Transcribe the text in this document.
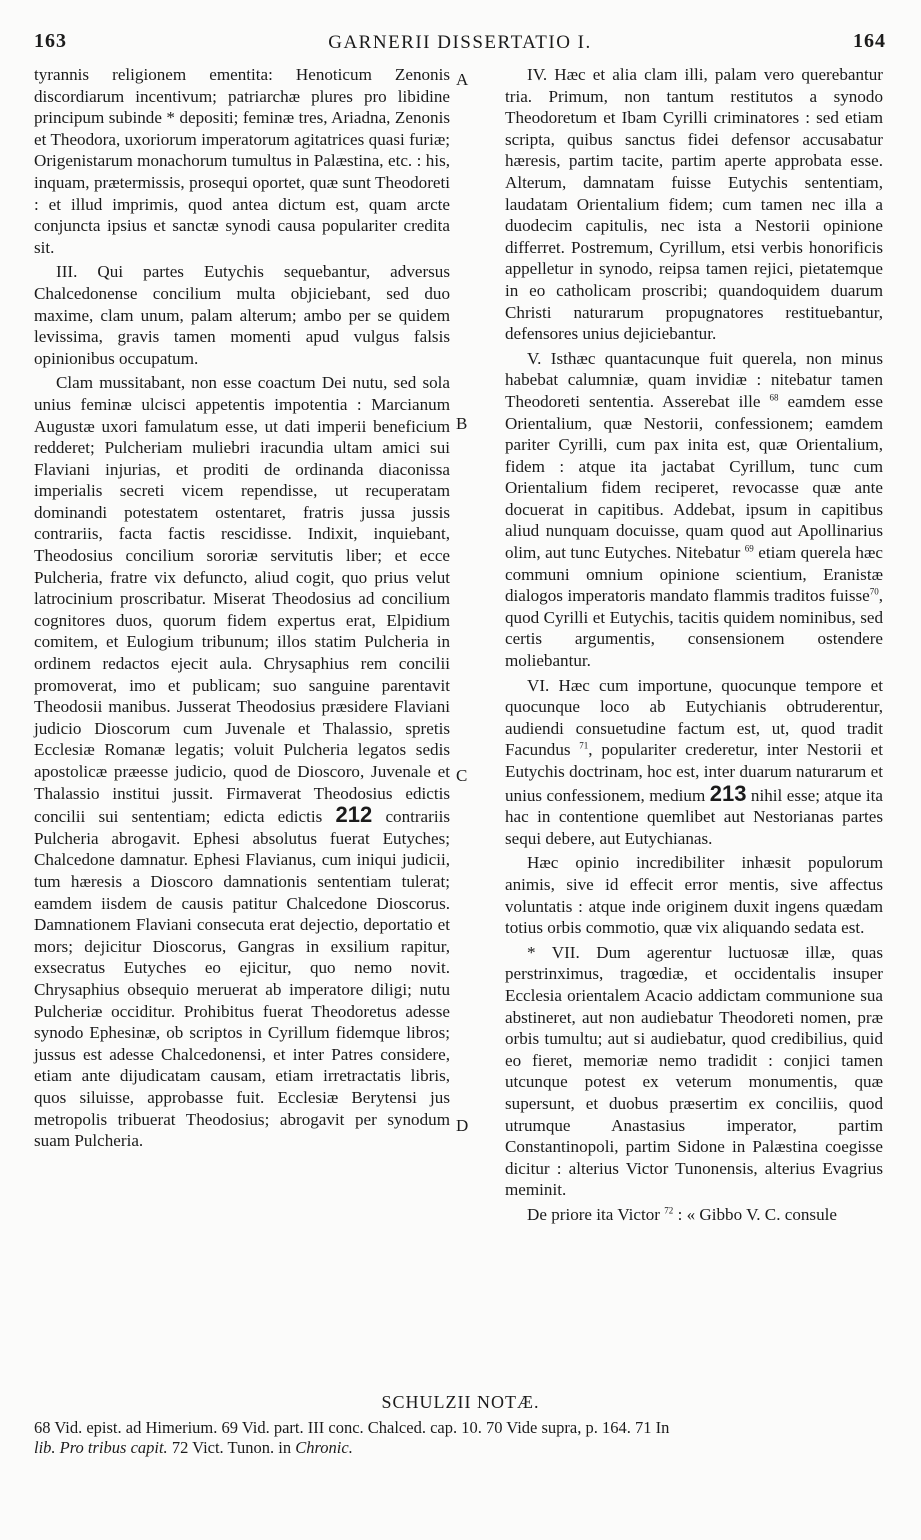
163	GARNERII DISSERTATIO I.	164

tyrannis religionem ementita: Henoticum Zenonis discordiarum incentivum; patriarchæ plures pro libidine principum subinde * depositi; feminæ tres, Ariadna, Zenonis et Theodora, uxoriorum imperatorum agitatrices quasi furiæ; Origenistarum monachorum tumultus in Palæstina, etc. : his, inquam, prætermissis, prosequi oportet, quæ sunt Theodoreti : et illud imprimis, quod antea dictum est, quam arcte conjuncta ipsius et sanctæ synodi causa populariter credita sit.

III. Qui partes Eutychis sequebantur, adversus Chalcedonense concilium multa objiciebant, sed duo maxime, clam unum, palam alterum; ambo per se quidem levissima, gravis tamen momenti apud vulgus falsis opinionibus occupatum.

Clam mussitabant, non esse coactum Dei nutu, sed sola unius feminæ ulcisci appetentis impotentia : Marcianum Augustæ uxori famulatum esse, ut dati imperii beneficium redderet; Pulcheriam muliebri iracundia ultam amici sui Flaviani injurias, et proditi de ordinanda diaconissa imperialis secreti vicem rependisse, ut recuperatam dominandi potestatem ostentaret, fratris jussa jussis contrariis, facta factis rescidisse. Indixit, inquiebant, Theodosius concilium sororiæ servitutis liber; et ecce Pulcheria, fratre vix defuncto, aliud cogit, quo prius velut latrocinium proscribatur. Miserat Theodosius ad concilium cognitores duos, quorum fidem expertus erat, Elpidium comitem, et Eulogium tribunum; illos statim Pulcheria in ordinem redactos ejecit aula. Chrysaphius rem concilii promoverat, imo et publicam; suo sanguine parentavit Theodosii manibus. Jusserat Theodosius præsidere Flaviani judicio Dioscorum cum Juvenale et Thalassio, spretis Ecclesiæ Romanæ legatis; voluit Pulcheria legatos sedis apostolicæ præesse judicio, quod de Dioscoro, Juvenale et Thalassio institui jussit. Firmaverat Theodosius edictis concilii sui sententiam; edicta edictis 212 contrariis Pulcheria abrogavit. Ephesi absolutus fuerat Eutyches; Chalcedone damnatur. Ephesi Flavianus, cum iniqui judicii, tum hæresis a Dioscoro damnationis sententiam tulerat; eamdem iisdem de causis patitur Chalcedone Dioscorus. Damnationem Flaviani consecuta erat dejectio, deportatio et mors; dejicitur Dioscorus, Gangras in exsilium rapitur, exsecratus Eutyches eo ejicitur, quo nemo novit. Chrysaphius obsequio meruerat ab imperatore diligi; nutu Pulcheriæ occiditur. Prohibitus fuerat Theodoretus adesse synodo Ephesinæ, ob scriptos in Cyrillum fidemque libros; jussus est adesse Chalcedonensi, et inter Patres considere, etiam ante dijudicatam causam, etiam irretractatis libris, quos siluisse, approbasse fuit. Ecclesiæ Berytensi jus metropolis tribuerat Theodosius; abrogavit per synodum suam Pulcheria.

IV. Hæc et alia clam illi, palam vero querebantur tria. Primum, non tantum restitutos a synodo Theodoretum et Ibam Cyrilli criminatores : sed etiam scripta, quibus sanctus fidei defensor accusabatur hæresis, partim tacite, partim aperte approbata esse. Alterum, damnatam fuisse Eutychis sententiam, laudatam Orientalium fidem; cum tamen nec illa a duodecim capitulis, nec ista a Nestorii opinione differret. Postremum, Cyrillum, etsi verbis honorificis appelletur in synodo, reipsa tamen rejici, pietatemque in eo catholicam proscribi; quandoquidem duarum Christi naturarum propugnatores restituebantur, defensores unius dejiciebantur.

V. Isthæc quantacunque fuit querela, non minus habebat calumniæ, quam invidiæ : nitebatur tamen Theodoreti sententia. Asserebat ille $^{68}$ eamdem esse Orientalium, quæ Nestorii, confessionem; eamdem pariter Cyrilli, cum pax inita est, quæ Orientalium, fidem : atque ita jactabat Cyrillum, tunc cum Orientalium fidem reciperet, revocasse quæ ante docuerat in capitibus. Addebat, ipsum in capitibus aliud nunquam docuisse, quam quod aut Apollinarius olim, aut tunc Eutyches. Nitebatur $^{69}$ etiam querela hæc communi omnium opinione scientium, Eranistæ dialogos imperatoris mandato flammis traditos fuisse$^{70}$, quod Cyrilli et Eutychis, tacitis quidem nominibus, sed certis argumentis, consensionem ostendere moliebantur.

VI. Hæc cum importune, quocunque tempore et quocunque loco ab Eutychianis obtruderentur, audiendi consuetudine factum est, ut, quod tradit Facundus $^{71}$, populariter crederetur, inter Nestorii et Eutychis doctrinam, hoc est, inter duarum naturarum et unius confessionem, medium 213 nihil esse; atque ita hac in contentione quemlibet aut Nestorianas partes sequi debere, aut Eutychianas.

Hæc opinio incredibiliter inhæsit populorum animis, sive id effecit error mentis, sive affectus voluntatis : atque inde originem duxit ingens quædam totius orbis commotio, quæ vix aliquando sedata est.

* VII. Dum agerentur luctuosæ illæ, quas perstrinximus, tragœdiæ, et occidentalis insuper Ecclesia orientalem Acacio addictam communione sua abstineret, aut non audiebatur Theodoreti nomen, præ orbis tumultu; aut si audiebatur, quod credibilius, quid eo fieret, memoriæ nemo tradidit : conjici tamen utcunque potest ex veterum monumentis, quæ supersunt, et duobus præsertim ex conciliis, quod utrumque Anastasius imperator, partim Constantinopoli, partim Sidone in Palæstina coegisse dicitur : alterius Victor Tunonensis, alterius Evagrius meminit.

De priore ita Victor $^{72}$ : « Gibbo V. C. consule

A
B
C
D
SCHULZII NOTÆ.

68 Vid. epist. ad Himerium. 69 Vid. part. III conc. Chalced. cap. 10. 70 Vide supra, p. 164. 71 In

lib. Pro tribus capit. 72 Vict. Tunon. in Chronic.
